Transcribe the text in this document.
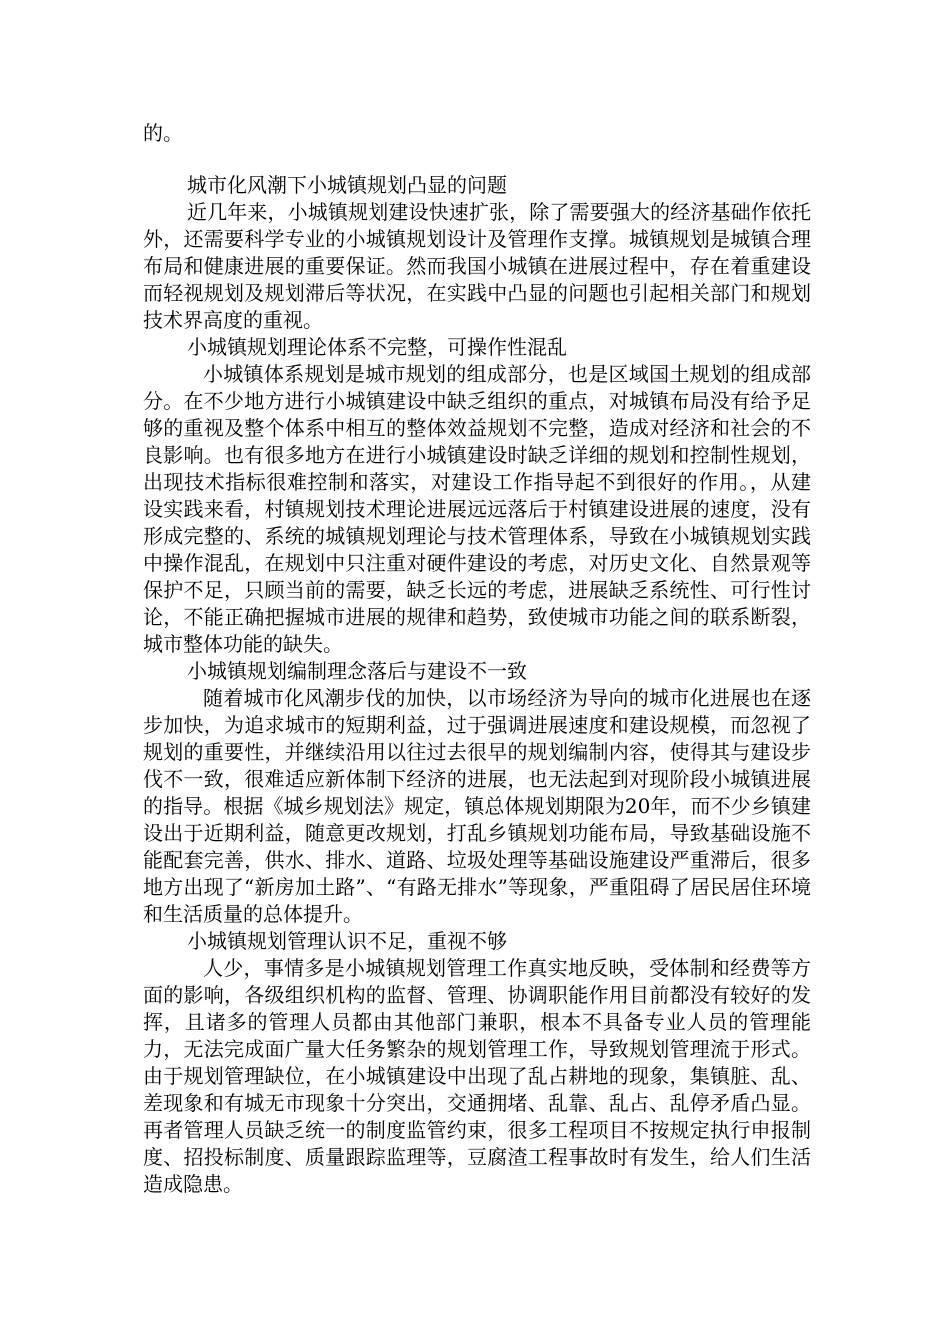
的。

城市化风潮下小城镇规划凸显的问题

近几年来，小城镇规划建设快速扩张，除了需要强大的经济基础作依托外，还需要科学专业的小城镇规划设计及管理作支撑。城镇规划是城镇合理布局和健康进展的重要保证。然而我国小城镇在进展过程中，存在着重建设而轻视规划及规划滞后等状况，在实践中凸显的问题也引起相关部门和规划技术界高度的重视。

小城镇规划理论体系不完整，可操作性混乱

小城镇体系规划是城市规划的组成部分，也是区域国土规划的组成部分。在不少地方进行小城镇建设中缺乏组织的重点，对城镇布局没有给予足够的重视及整个体系中相互的整体效益规划不完整，造成对经济和社会的不良影响。也有很多地方在进行小城镇建设时缺乏详细的规划和控制性规划，出现技术指标很难控制和落实，对建设工作指导起不到很好的作用。，从建设实践来看，村镇规划技术理论进展远远落后于村镇建设进展的速度，没有形成完整的、系统的城镇规划理论与技术管理体系，导致在小城镇规划实践中操作混乱，在规划中只注重对硬件建设的考虑，对历史文化、自然景观等保护不足，只顾当前的需要，缺乏长远的考虑，进展缺乏系统性、可行性讨论，不能正确把握城市进展的规律和趋势，致使城市功能之间的联系断裂，城市整体功能的缺失。

小城镇规划编制理念落后与建设不一致

随着城市化风潮步伐的加快，以市场经济为导向的城市化进展也在逐步加快，为追求城市的短期利益，过于强调进展速度和建设规模，而忽视了规划的重要性，并继续沿用以往过去很早的规划编制内容，使得其与建设步伐不一致，很难适应新体制下经济的进展，也无法起到对现阶段小城镇进展的指导。根据《城乡规划法》规定，镇总体规划期限为20年，而不少乡镇建设出于近期利益，随意更改规划，打乱乡镇规划功能布局，导致基础设施不能配套完善，供水、排水、道路、垃圾处理等基础设施建设严重滞后，很多地方出现了“新房加土路”、“有路无排水”等现象，严重阻碍了居民居住环境和生活质量的总体提升。

小城镇规划管理认识不足，重视不够

人少，事情多是小城镇规划管理工作真实地反映，受体制和经费等方面的影响，各级组织机构的监督、管理、协调职能作用目前都没有较好的发挥，且诸多的管理人员都由其他部门兼职，根本不具备专业人员的管理能力，无法完成面广量大任务繁杂的规划管理工作，导致规划管理流于形式。由于规划管理缺位，在小城镇建设中出现了乱占耕地的现象，集镇脏、乱、差现象和有城无市现象十分突出，交通拥堵、乱靠、乱占、乱停矛盾凸显。再者管理人员缺乏统一的制度监管约束，很多工程项目不按规定执行申报制度、招投标制度、质量跟踪监理等，豆腐渣工程事故时有发生，给人们生活造成隐患。
